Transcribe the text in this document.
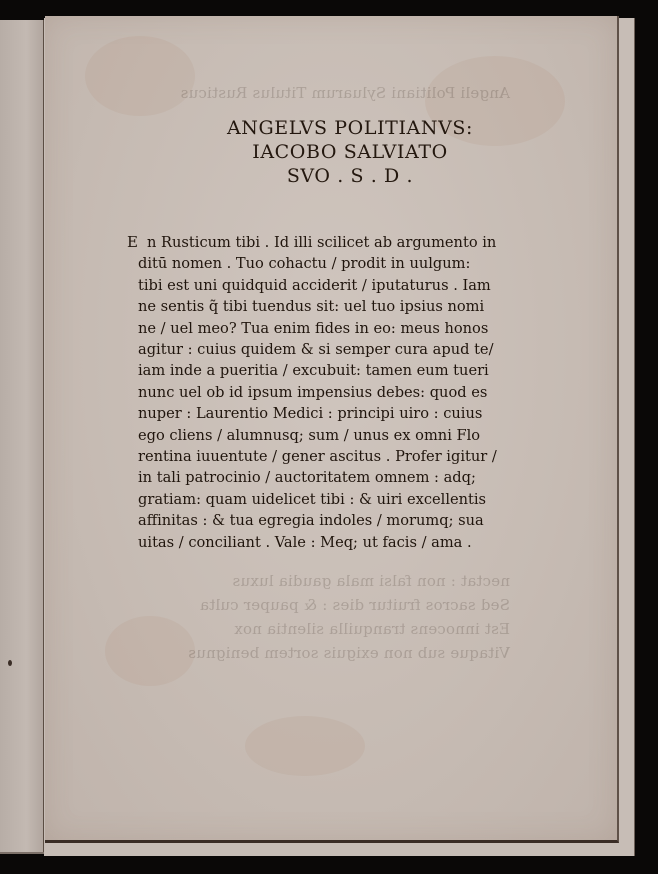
Angeli Politiani Syluarum Titulus Rusticus
nectat : non falsi mala gaudia luxus
Sed sacros fruitur dies : & pauper culta
Est innocens tranquilla silentia nox
Vitaque sub non exiguis sortem benignus
ANGELVS POLITIANVS:
IACOBO SALVIATO
SVO . S . D .
E n Rusticum tibi . Id illi scilicet ab argumento in
ditū nomen . Tuo cohactu / prodit in uulgum:
tibi est uni quidquid acciderit / iputaturus . Iam
ne sentis q̃ tibi tuendus sit: uel tuo ipsius nomi
ne / uel meo? Tua enim fides in eo: meus honos
agitur : cuius quidem & si semper cura apud te/
iam inde a pueritia / excubuit: tamen eum tueri
nunc uel ob id ipsum impensius debes: quod es
nuper : Laurentio Medici : principi uiro : cuius
ego cliens / alumnusq; sum / unus ex omni Flo
rentina iuuentute / gener ascitus . Profer igitur /
in tali patrocinio / auctoritatem omnem : adq;
gratiam: quam uidelicet tibi : & uiri excellentis
affinitas : & tua egregia indoles / morumq; sua
uitas / conciliant . Vale : Meq; ut facis / ama .
